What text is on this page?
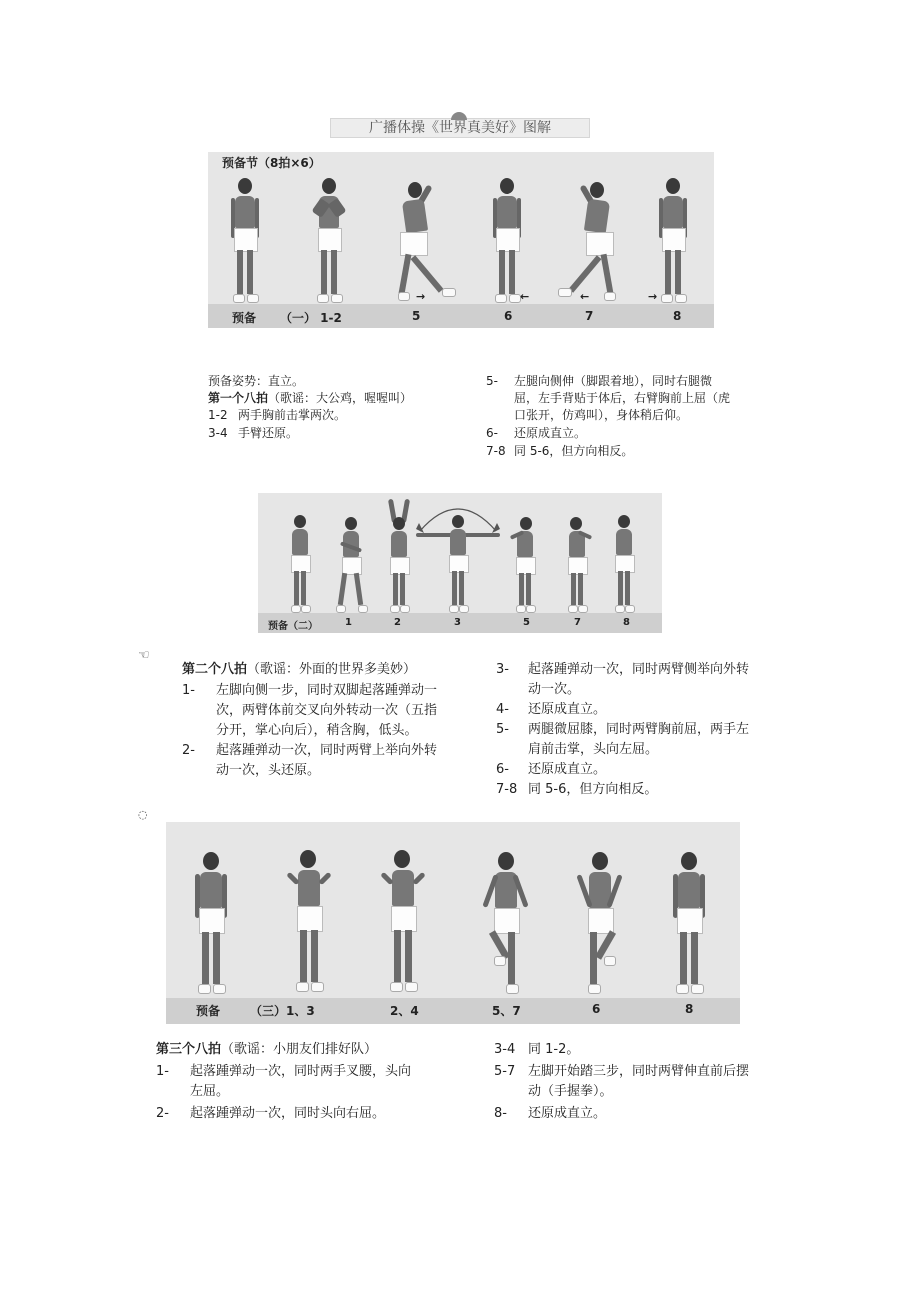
广播体操《世界真美好》图解
预备节（8拍×6）
→	←	←	→
预备 （一） 1-2	5	6	7	8
预备姿势：直立。
第一个八拍（歌谣：大公鸡，喔喔叫）
1-2 两手胸前击掌两次。
3-4 手臂还原。
5- 左腿向侧伸（脚跟着地），同时右腿微
屈，左手背贴于体后，右臂胸前上屈（虎
口张开，仿鸡叫），身体稍后仰。
6- 还原成直立。
7-8 同 5-6，但方向相反。
预备（二）	1	2	3	5	7	8
☜
◌
第二个八拍（歌谣：外面的世界多美妙）
1- 左脚向侧一步，同时双脚起落踵弹动一
次，两臂体前交叉向外转动一次（五指
分开，掌心向后），稍含胸，低头。
2- 起落踵弹动一次，同时两臂上举向外转
动一次，头还原。
3- 起落踵弹动一次，同时两臂侧举向外转
动一次。
4- 还原成直立。
5- 两腿微屈膝，同时两臂胸前屈，两手左
肩前击掌，头向左屈。
6- 还原成直立。
7-8 同 5-6，但方向相反。
预备 （三）1、3	2、4	5、7	6	8
第三个八拍（歌谣：小朋友们排好队）
1- 起落踵弹动一次，同时两手叉腰，头向
左屈。
2- 起落踵弹动一次，同时头向右屈。
3-4 同 1-2。
5-7 左脚开始踏三步，同时两臂伸直前后摆
动（手握拳）。
8- 还原成直立。
